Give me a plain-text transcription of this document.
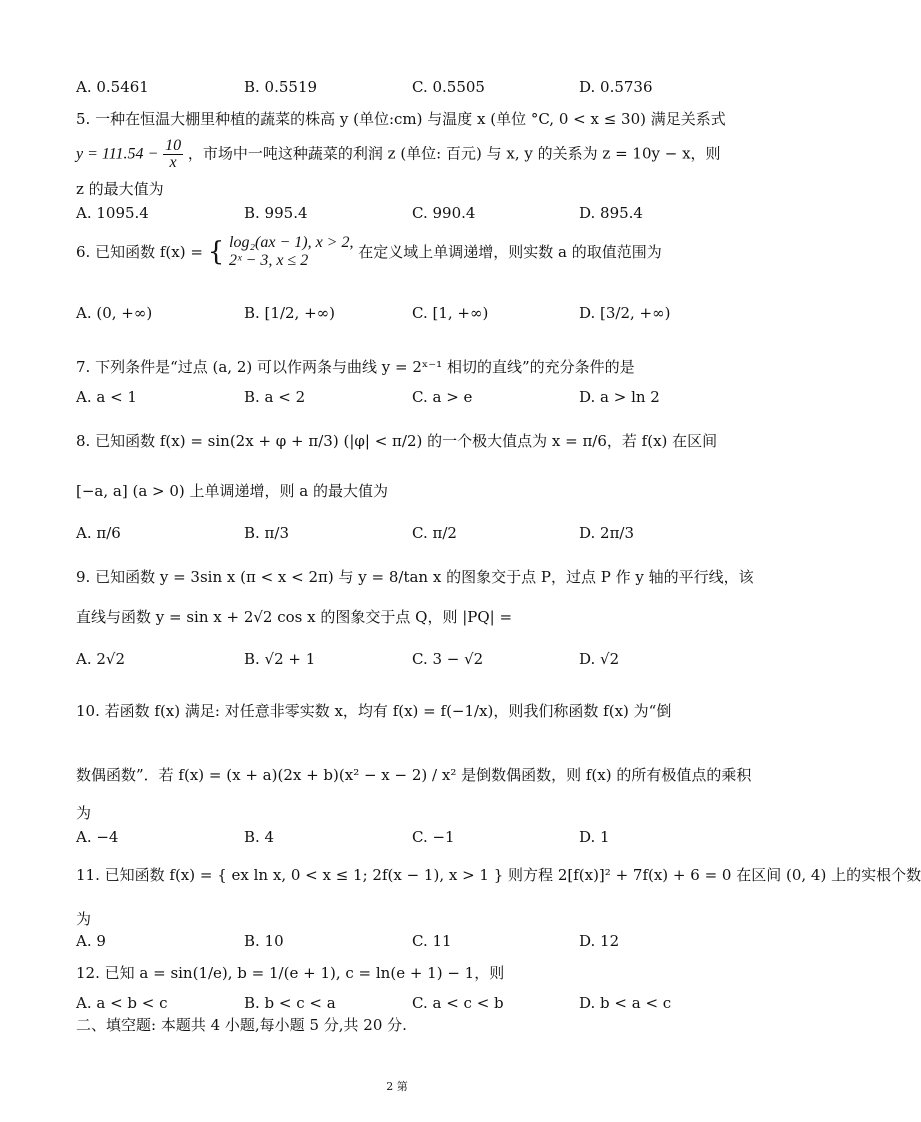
A. 0.5461	B. 0.5519	C. 0.5505	D. 0.5736
5. 一种在恒温大棚里种植的蔬菜的株高 y (单位:cm) 与温度 x (单位 °C, 0 < x ≤ 30) 满足关系式
$y = 111.54 - \frac{10}{x}$ ，市场中一吨这种蔬菜的利润 z (单位: 百元) 与 x, y 的关系为 z = 10y − x，则
z 的最大值为
A. 1095.4	B. 995.4	C. 990.4	D. 895.4
6. 已知函数 f(x) = { log₂(ax − 1), x > 2,
2ˣ − 3, x ≤ 2	在定义域上单调递增，则实数 a 的取值范围为
A. (0, +∞)	B. [1/2, +∞)	C. [1, +∞)	D. [3/2, +∞)
7. 下列条件是“过点 (a, 2) 可以作两条与曲线 y = 2ˣ⁻¹ 相切的直线”的充分条件的是
A. a < 1	B. a < 2	C. a > e	D. a > ln 2
8. 已知函数 f(x) = sin(2x + φ + π/3) (|φ| < π/2) 的一个极大值点为 x = π/6，若 f(x) 在区间
[−a, a] (a > 0) 上单调递增，则 a 的最大值为
A. π/6	B. π/3	C. π/2	D. 2π/3
9. 已知函数 y = 3sin x (π < x < 2π) 与 y = 8/tan x 的图象交于点 P，过点 P 作 y 轴的平行线，该
直线与函数 y = sin x + 2√2 cos x 的图象交于点 Q，则 |PQ| =
A. 2√2	B. √2 + 1	C. 3 − √2	D. √2
10. 若函数 f(x) 满足: 对任意非零实数 x，均有 f(x) = f(−1/x)，则我们称函数 f(x) 为“倒
数偶函数”．若 f(x) = (x + a)(2x + b)(x² − x − 2) / x² 是倒数偶函数，则 f(x) 的所有极值点的乘积
为
A. −4	B. 4	C. −1	D. 1
11. 已知函数 f(x) = { ex ln x, 0 < x ≤ 1; 2f(x − 1), x > 1 } 则方程 2[f(x)]² + 7f(x) + 6 = 0 在区间 (0, 4) 上的实根个数
为
A. 9	B. 10	C. 11	D. 12
12. 已知 a = sin(1/e), b = 1/(e + 1), c = ln(e + 1) − 1，则
A. a < b < c	B. b < c < a	C. a < c < b	D. b < a < c
二、填空题: 本题共 4 小题,每小题 5 分,共 20 分.
2 第
